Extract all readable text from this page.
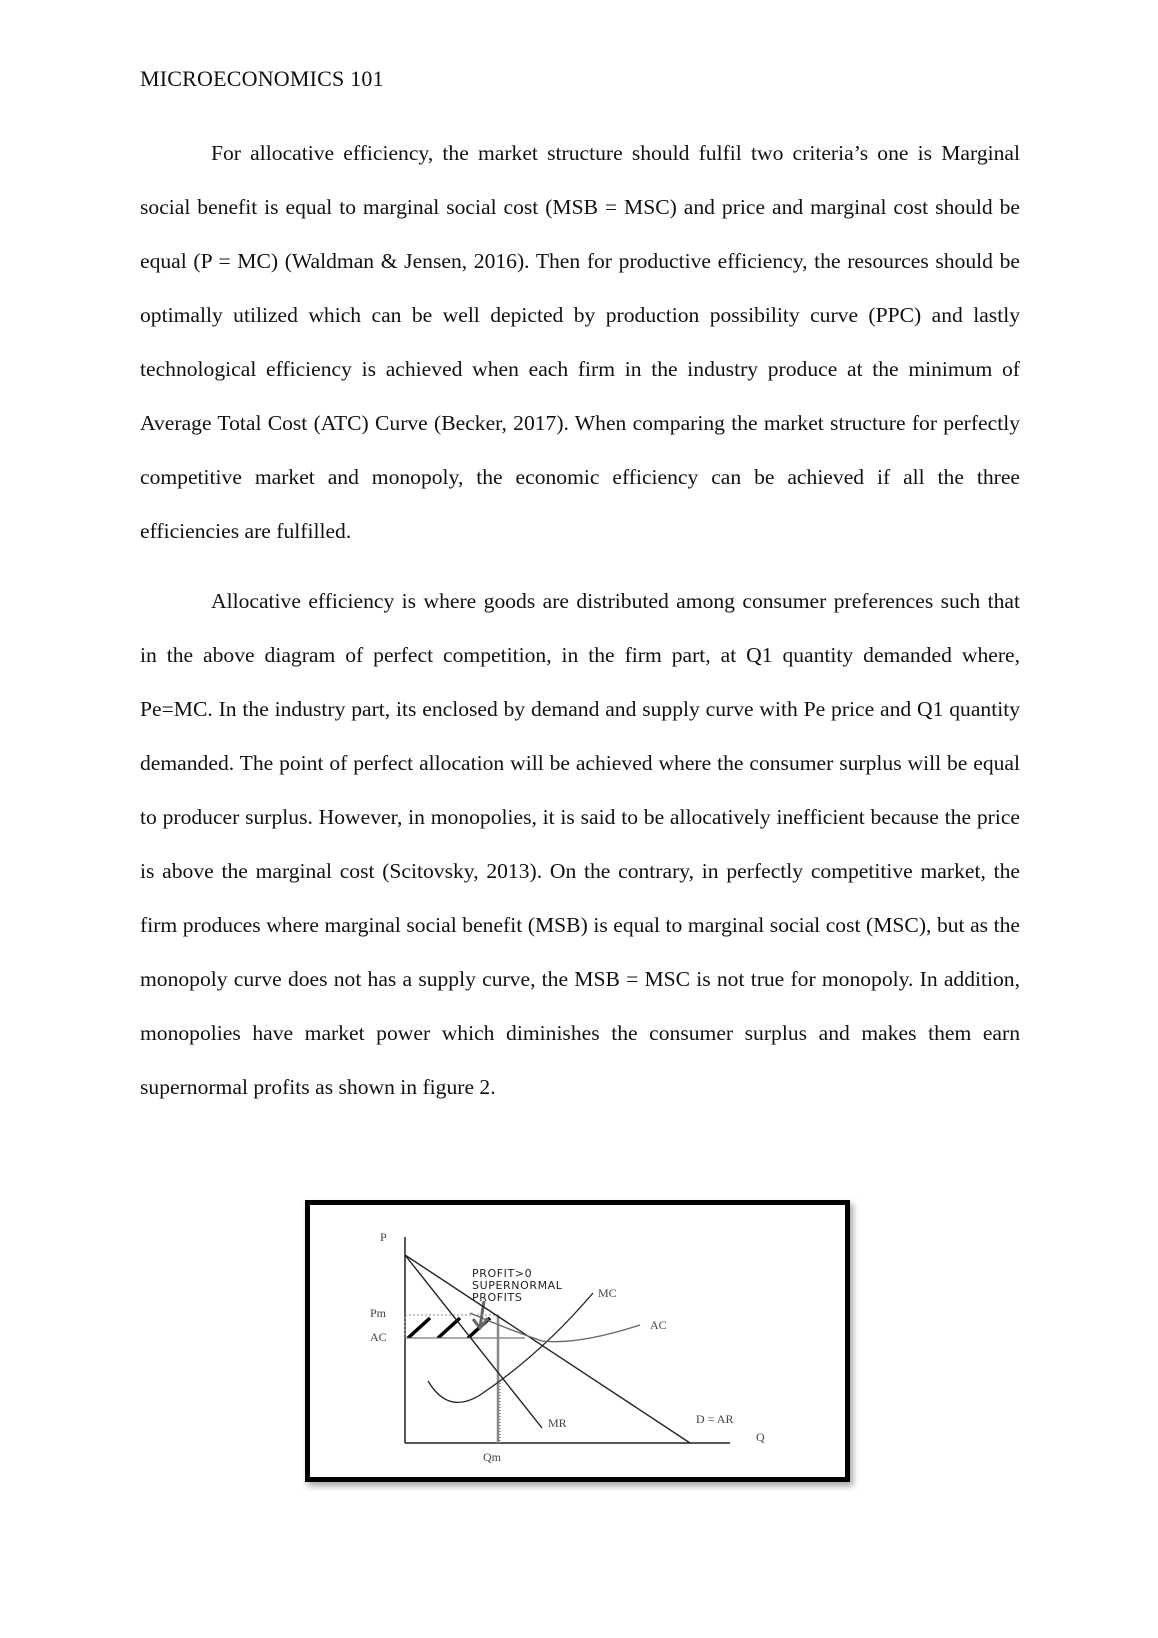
MICROECONOMICS 101

For allocative efficiency, the market structure should fulfil two criteria’s one is Marginal social benefit is equal to marginal social cost (MSB = MSC) and price and marginal cost should be equal (P = MC) (Waldman & Jensen, 2016). Then for productive efficiency, the resources should be optimally utilized which can be well depicted by production possibility curve (PPC) and lastly technological efficiency is achieved when each firm in the industry produce at the minimum of Average Total Cost (ATC) Curve (Becker, 2017). When comparing the market structure for perfectly competitive market and monopoly, the economic efficiency can be achieved if all the three efficiencies are fulfilled.

Allocative efficiency is where goods are distributed among consumer preferences such that in the above diagram of perfect competition, in the firm part, at Q1 quantity demanded where, Pe=MC. In the industry part, its enclosed by demand and supply curve with Pe price and Q1 quantity demanded. The point of perfect allocation will be achieved where the consumer surplus will be equal to producer surplus. However, in monopolies, it is said to be allocatively inefficient because the price is above the marginal cost (Scitovsky, 2013). On the contrary, in perfectly competitive market, the firm produces where marginal social benefit (MSB) is equal to marginal social cost (MSC), but as the monopoly curve does not has a supply curve, the MSB = MSC is not true for monopoly. In addition, monopolies have market power which diminishes the consumer surplus and makes them earn supernormal profits as shown in figure 2.

P
Q
Pm
AC
Qm
PROFIT>0
SUPERNORMAL
PROFITS	MC
AC
MR	D = AR
